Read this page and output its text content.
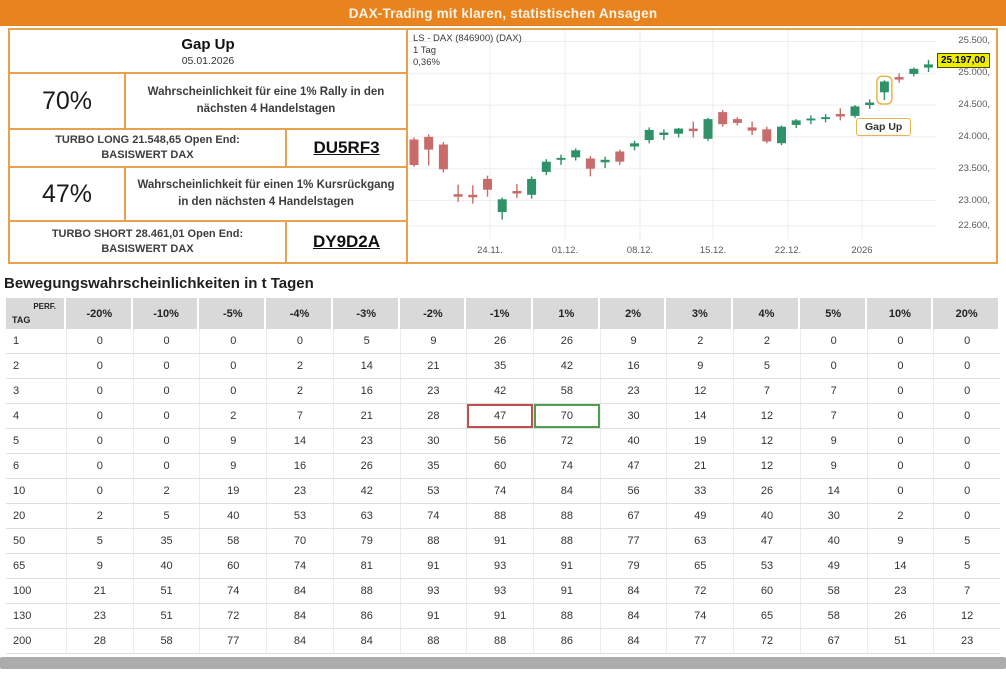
DAX-Trading mit klaren, statistischen Ansagen
Gap Up
05.01.2026
70%	Wahrscheinlichkeit für eine 1% Rally in den nächsten 4 Handelstagen
TURBO LONG 21.548,65 Open End:
BASISWERT DAX	DU5RF3
47%	Wahrscheinlichkeit für einen 1% Kursrückgang in den nächsten 4 Handelstagen
TURBO SHORT 28.461,01 Open End:
BASISWERT DAX	DY9D2A
LS - DAX (846900) (DAX)
1 Tag
0,36%
25.500,
25.000,
24.500,
24.000,
23.500,
23.000,
22.600,
24.11.	01.12.	08.12.	15.12.	22.12.	2026
25.197,00
Gap Up
Bewegungswahrscheinlichkeiten in t Tagen
PERF.
TAG
-20%	-10%	-5%	-4%	-3%	-2%	-1%	1%	2%	3%	4%	5%	10%	20%
1	0	0	0	0	5	9	26	26	9	2	2	0	0	0
2	0	0	0	2	14	21	35	42	16	9	5	0	0	0
3	0	0	0	2	16	23	42	58	23	12	7	7	0	0
4	0	0	2	7	21	28	47	70	30	14	12	7	0	0
5	0	0	9	14	23	30	56	72	40	19	12	9	0	0
6	0	0	9	16	26	35	60	74	47	21	12	9	0	0
10	0	2	19	23	42	53	74	84	56	33	26	14	0	0
20	2	5	40	53	63	74	88	88	67	49	40	30	2	0
50	5	35	58	70	79	88	91	88	77	63	47	40	9	5
65	9	40	60	74	81	91	93	91	79	65	53	49	14	5
100	21	51	74	84	88	93	93	91	84	72	60	58	23	7
130	23	51	72	84	86	91	91	88	84	74	65	58	26	12
200	28	58	77	84	84	88	88	86	84	77	72	67	51	23
